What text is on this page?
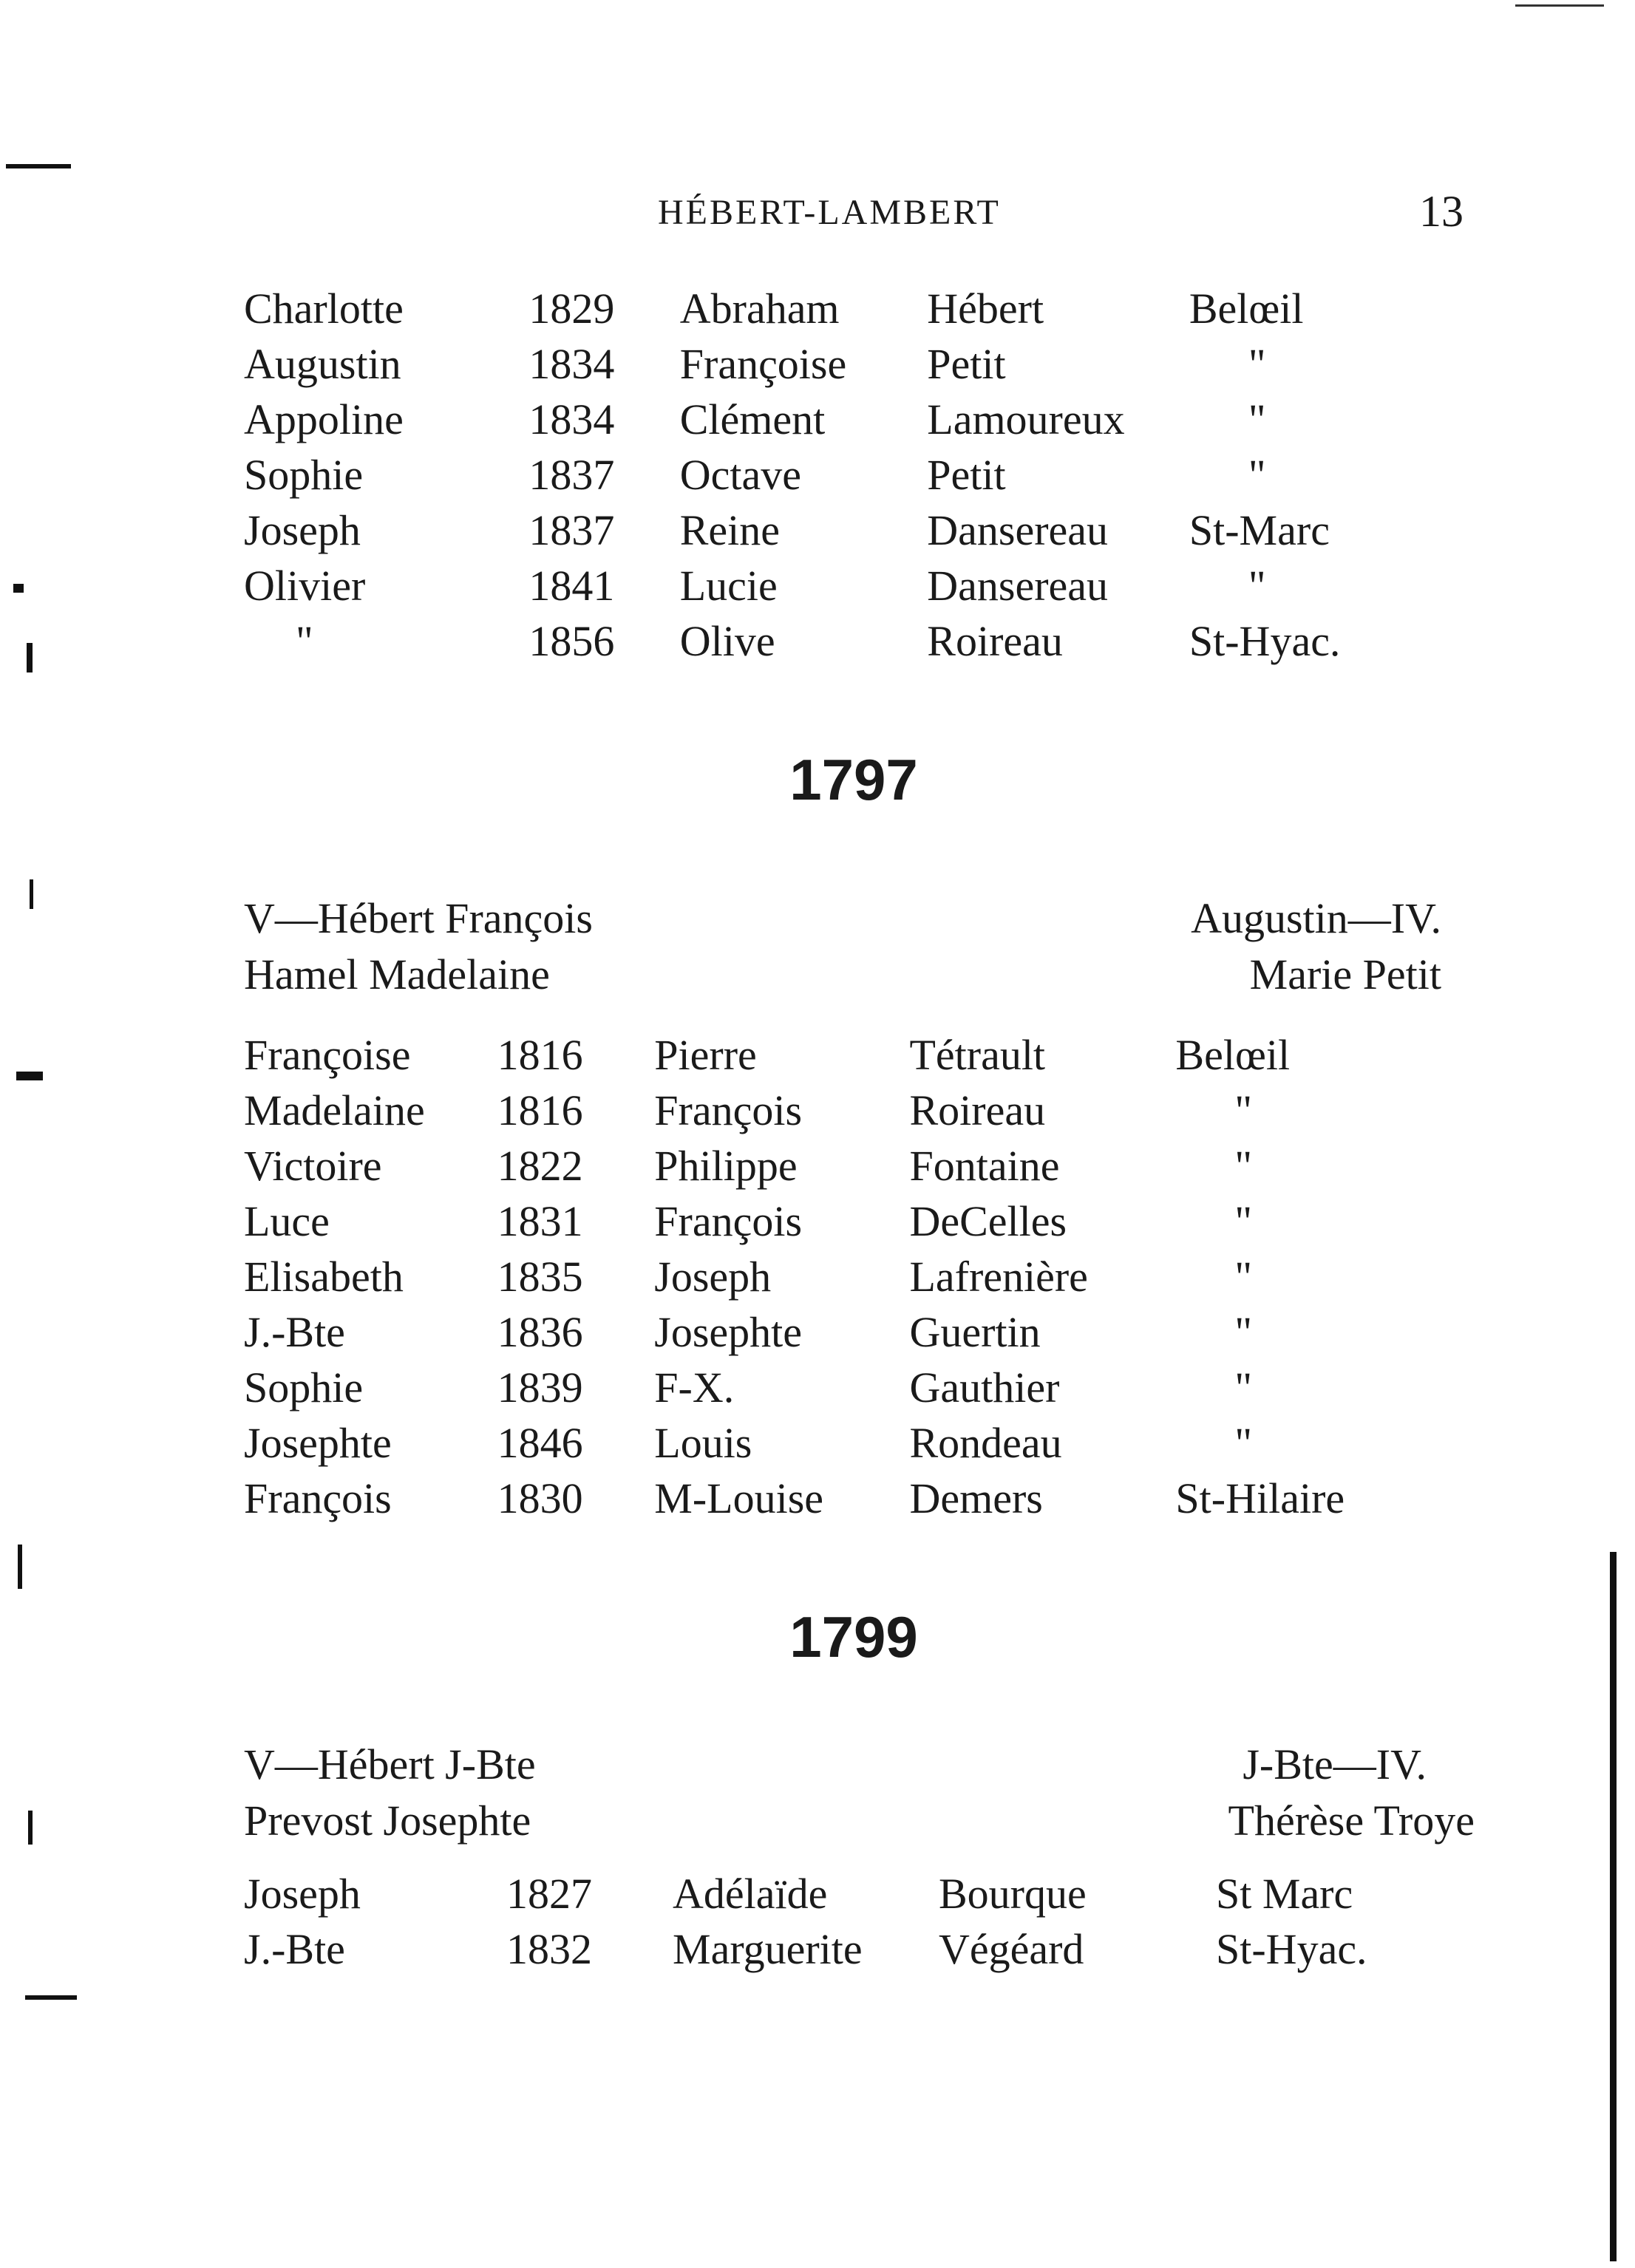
HÉBERT-LAMBERT	13
Charlotte	1829	Abraham	Hébert	Belœil
Augustin	1834	Françoise	Petit	"
Appoline	1834	Clément	Lamoureux	"
Sophie	1837	Octave	Petit	"
Joseph	1837	Reine	Dansereau	St-Marc
Olivier	1841	Lucie	Dansereau	"
"	1856	Olive	Roireau	St-Hyac.
1797
V—Hébert François	Augustin—IV.
Hamel Madelaine	Marie Petit
Françoise	1816	Pierre	Tétrault	Belœil
Madelaine	1816	François	Roireau	"
Victoire	1822	Philippe	Fontaine	"
Luce	1831	François	DeCelles	"
Elisabeth	1835	Joseph	Lafrenière	"
J.-Bte	1836	Josephte	Guertin	"
Sophie	1839	F-X.	Gauthier	"
Josephte	1846	Louis	Rondeau	"
François	1830	M-Louise	Demers	St-Hilaire
1799
V—Hébert J-Bte	J-Bte—IV.
Prevost Josephte	Thérèse Troye
Joseph	1827	Adélaïde	Bourque	St Marc
J.-Bte	1832	Marguerite	Végéard	St-Hyac.
